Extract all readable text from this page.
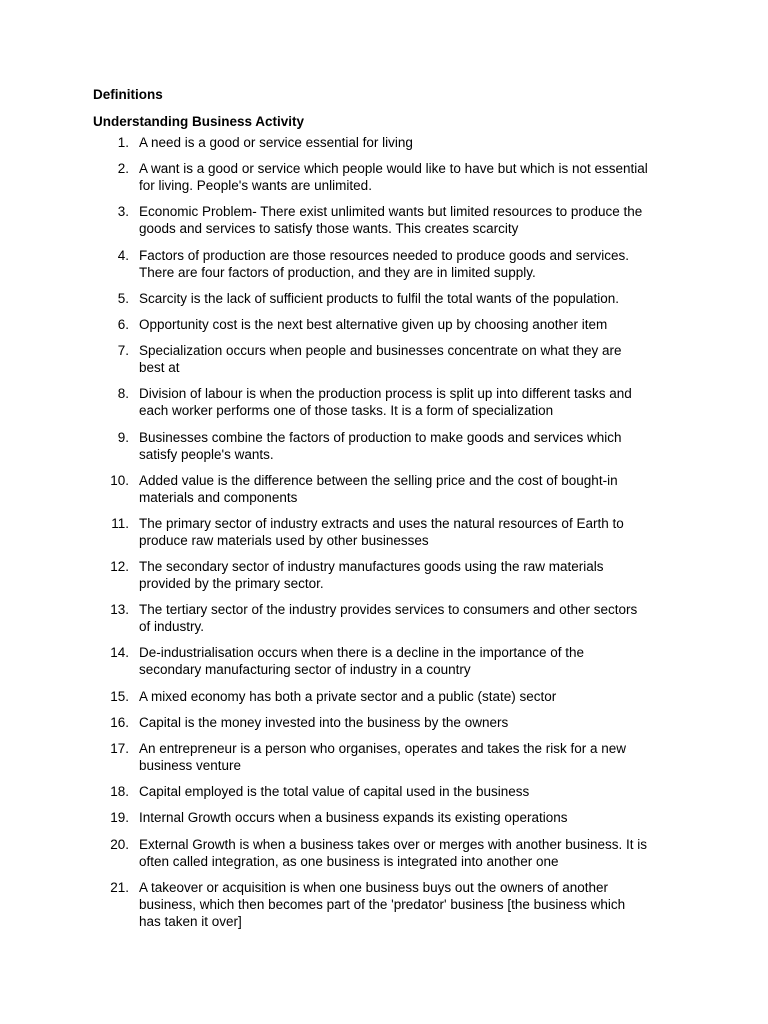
Definitions
Understanding Business Activity
1. A need is a good or service essential for living
2. A want is a good or service which people would like to have but which is not essential
for living. People's wants are unlimited.
3. Economic Problem- There exist unlimited wants but limited resources to produce the
goods and services to satisfy those wants. This creates scarcity
4. Factors of production are those resources needed to produce goods and services.
There are four factors of production, and they are in limited supply.
5. Scarcity is the lack of sufficient products to fulfil the total wants of the population.
6. Opportunity cost is the next best alternative given up by choosing another item
7. Specialization occurs when people and businesses concentrate on what they are
best at
8. Division of labour is when the production process is split up into different tasks and
each worker performs one of those tasks. It is a form of specialization
9. Businesses combine the factors of production to make goods and services which
satisfy people's wants.
10. Added value is the difference between the selling price and the cost of bought-in
materials and components
11. The primary sector of industry extracts and uses the natural resources of Earth to
produce raw materials used by other businesses
12. The secondary sector of industry manufactures goods using the raw materials
provided by the primary sector.
13. The tertiary sector of the industry provides services to consumers and other sectors
of industry.
14. De-industrialisation occurs when there is a decline in the importance of the
secondary manufacturing sector of industry in a country
15. A mixed economy has both a private sector and a public (state) sector
16. Capital is the money invested into the business by the owners
17. An entrepreneur is a person who organises, operates and takes the risk for a new
business venture
18. Capital employed is the total value of capital used in the business
19. Internal Growth occurs when a business expands its existing operations
20. External Growth is when a business takes over or merges with another business. It is
often called integration, as one business is integrated into another one
21. A takeover or acquisition is when one business buys out the owners of another
business, which then becomes part of the 'predator' business [the business which
has taken it over]
